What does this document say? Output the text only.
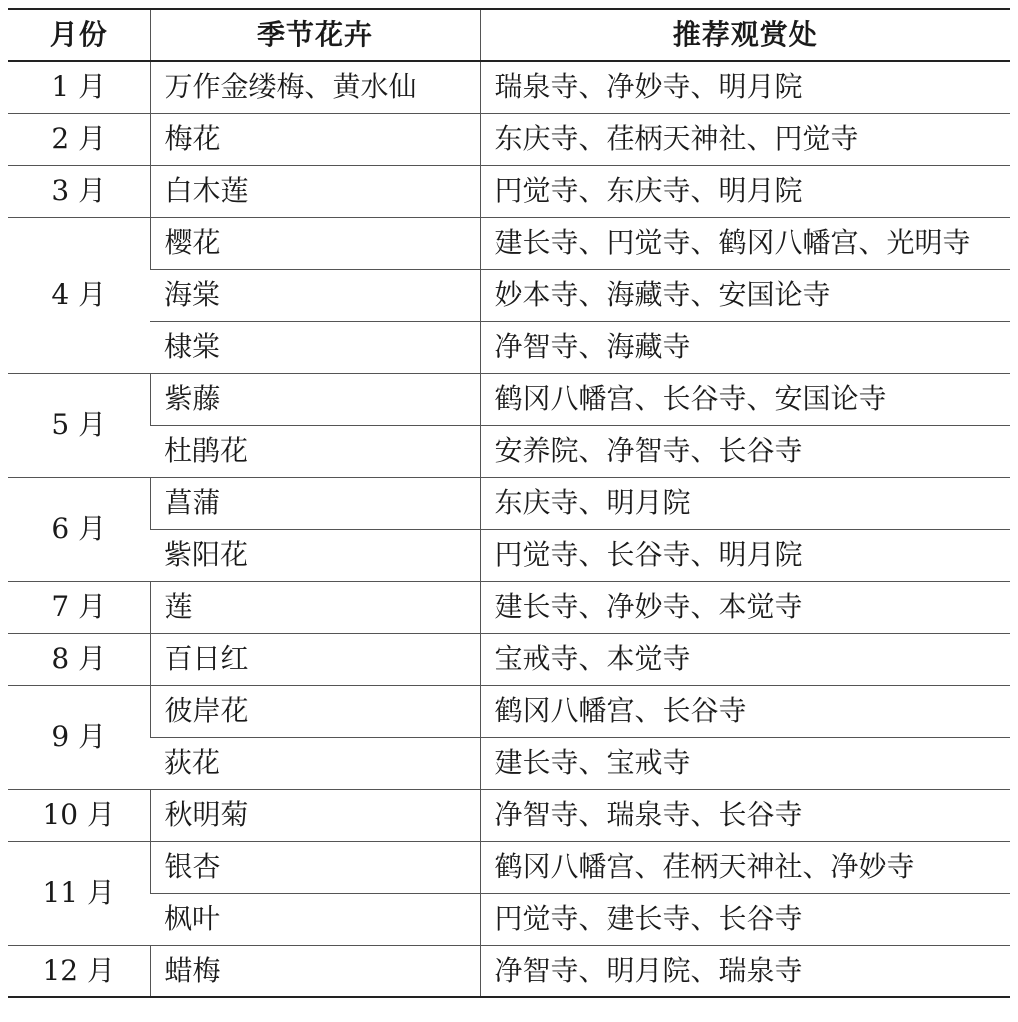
月份	季节花卉	推荐观赏处
1 月	万作金缕梅、黄水仙	瑞泉寺、净妙寺、明月院
2 月	梅花	东庆寺、荏柄天神社、円觉寺
3 月	白木莲	円觉寺、东庆寺、明月院
4 月	樱花	建长寺、円觉寺、鹤冈八幡宫、光明寺
	海棠	妙本寺、海藏寺、安国论寺
	棣棠	净智寺、海藏寺
5 月	紫藤	鹤冈八幡宫、长谷寺、安国论寺
	杜鹃花	安养院、净智寺、长谷寺
6 月	菖蒲	东庆寺、明月院
	紫阳花	円觉寺、长谷寺、明月院
7 月	莲	建长寺、净妙寺、本觉寺
8 月	百日红	宝戒寺、本觉寺
9 月	彼岸花	鹤冈八幡宫、长谷寺
	荻花	建长寺、宝戒寺
10 月	秋明菊	净智寺、瑞泉寺、长谷寺
11 月	银杏	鹤冈八幡宫、荏柄天神社、净妙寺
	枫叶	円觉寺、建长寺、长谷寺
12 月	蜡梅	净智寺、明月院、瑞泉寺
